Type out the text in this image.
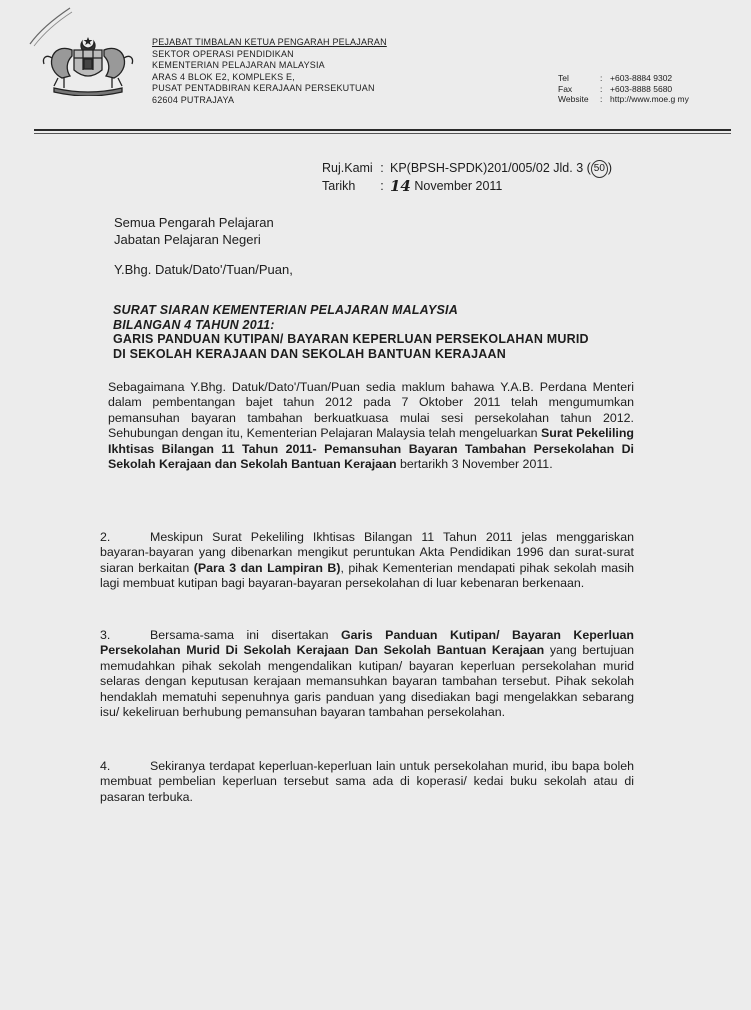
PEJABAT TIMBALAN KETUA PENGARAH PELAJARAN
SEKTOR OPERASI PENDIDIKAN
KEMENTERIAN PELAJARAN MALAYSIA
ARAS 4 BLOK E2, KOMPLEKS E,
PUSAT PENTADBIRAN KERAJAAN PERSEKUTUAN
62604 PUTRAJAYA
Tel	: +603-8884 9302
Fax	: +603-8888 5680
Website	: http://www.moe.g my
Ruj.Kami : KP(BPSH-SPDK)201/005/02 Jld. 3 ( 50 )
Tarikh	: 14
November 2011
Semua Pengarah Pelajaran
Jabatan Pelajaran Negeri
Y.Bhg. Datuk/Dato'/Tuan/Puan,
SURAT SIARAN KEMENTERIAN PELAJARAN MALAYSIA
BILANGAN 4 TAHUN 2011:
GARIS PANDUAN KUTIPAN/ BAYARAN KEPERLUAN PERSEKOLAHAN MURID
DI SEKOLAH KERAJAAN DAN SEKOLAH BANTUAN KERAJAAN
Sebagaimana Y.Bhg. Datuk/Dato'/Tuan/Puan sedia maklum bahawa Y.A.B. Perdana Menteri dalam pembentangan bajet tahun 2012 pada 7 Oktober 2011 telah mengumumkan pemansuhan bayaran tambahan berkuatkuasa mulai sesi persekolahan tahun 2012. Sehubungan dengan itu, Kementerian Pelajaran Malaysia telah mengeluarkan Surat Pekeliling Ikhtisas Bilangan 11 Tahun 2011- Pemansuhan Bayaran Tambahan Persekolahan Di Sekolah Kerajaan dan Sekolah Bantuan Kerajaan bertarikh 3 November 2011.
2.	Meskipun Surat Pekeliling Ikhtisas Bilangan 11 Tahun 2011 jelas menggariskan bayaran-bayaran yang dibenarkan mengikut peruntukan Akta Pendidikan 1996 dan surat-surat siaran berkaitan (Para 3 dan Lampiran B), pihak Kementerian mendapati pihak sekolah masih lagi membuat kutipan bagi bayaran-bayaran persekolahan di luar kebenaran berkenaan.
3.	Bersama-sama ini disertakan Garis Panduan Kutipan/ Bayaran Keperluan Persekolahan Murid Di Sekolah Kerajaan Dan Sekolah Bantuan Kerajaan yang bertujuan memudahkan pihak sekolah mengendalikan kutipan/ bayaran keperluan persekolahan murid selaras dengan keputusan kerajaan memansuhkan bayaran tambahan tersebut. Pihak sekolah hendaklah mematuhi sepenuhnya garis panduan yang disediakan bagi mengelakkan sebarang isu/ kekeliruan berhubung pemansuhan bayaran tambahan persekolahan.
4.	Sekiranya terdapat keperluan-keperluan lain untuk persekolahan murid, ibu bapa boleh membuat pembelian keperluan tersebut sama ada di koperasi/ kedai buku sekolah atau di pasaran terbuka.
